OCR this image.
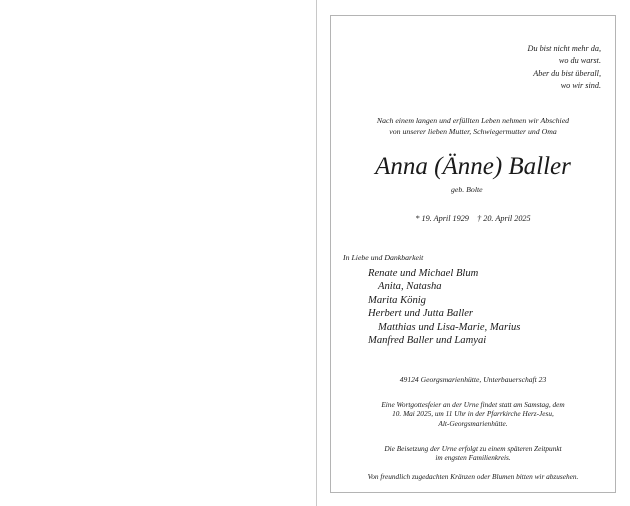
Du bist nicht mehr da,
wo du warst.
Aber du bist überall,
wo wir sind.
Nach einem langen und erfüllten Leben nehmen wir Abschied
von unserer lieben Mutter, Schwiegermutter und Oma
Anna (Änne) Baller
geb. Bolte
* 19. April 1929 † 20. April 2025
In Liebe und Dankbarkeit
Renate und Michael Blum
Anita, Natasha
Marita König
Herbert und Jutta Baller
Matthias und Lisa-Marie, Marius
Manfred Baller und Lamyai
49124 Georgsmarienhütte, Unterbauerschaft 23
Eine Wortgottesfeier an der Urne findet statt am Samstag, dem
10. Mai 2025, um 11 Uhr in der Pfarrkirche Herz-Jesu,
Alt-Georgsmarienhütte.
Die Beisetzung der Urne erfolgt zu einem späteren Zeitpunkt
im engsten Familienkreis.
Von freundlich zugedachten Kränzen oder Blumen bitten wir abzusehen.
